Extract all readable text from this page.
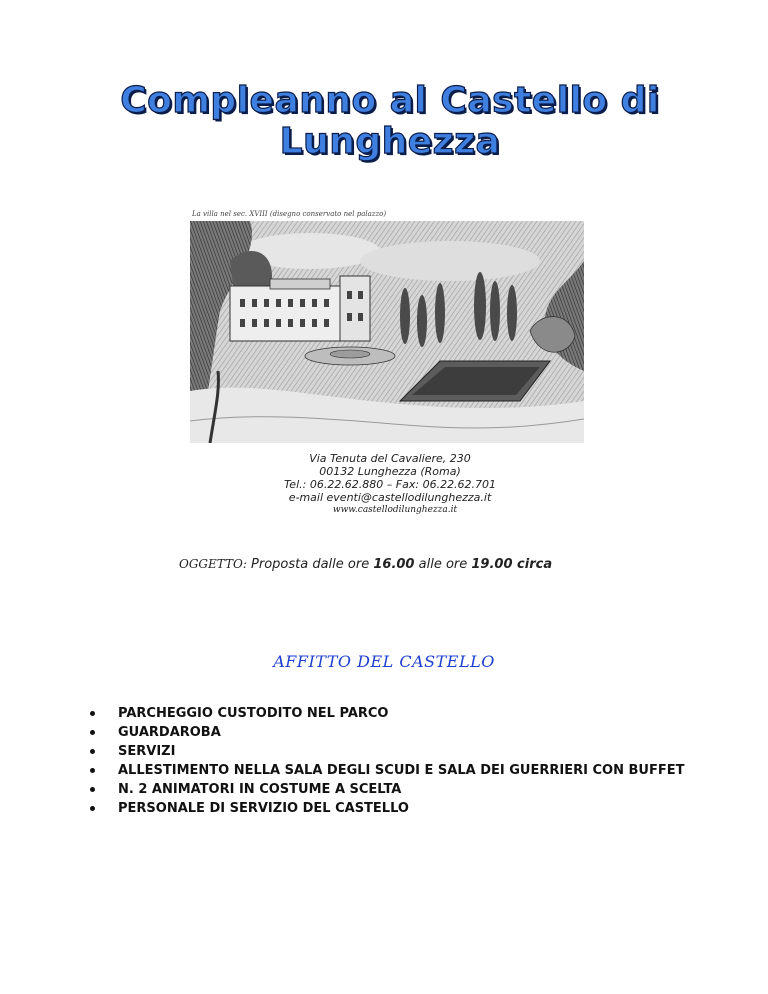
Compleanno al Castello di Lunghezza
La villa nel sec. XVIII (disegno conservato nel palazzo)
Via Tenuta del Cavaliere, 230
00132 Lunghezza (Roma)
Tel.: 06.22.62.880 – Fax: 06.22.62.701
e-mail eventi@castellodilunghezza.it
www.castellodilunghezza.it
OGGETTO: Proposta dalle ore 16.00 alle ore 19.00 circa
AFFITTO DEL CASTELLO
PARCHEGGIO CUSTODITO NEL PARCO
GUARDAROBA
SERVIZI
ALLESTIMENTO NELLA SALA DEGLI SCUDI E SALA DEI GUERRIERI CON BUFFET
N. 2 ANIMATORI IN COSTUME A SCELTA
PERSONALE DI SERVIZIO DEL CASTELLO
